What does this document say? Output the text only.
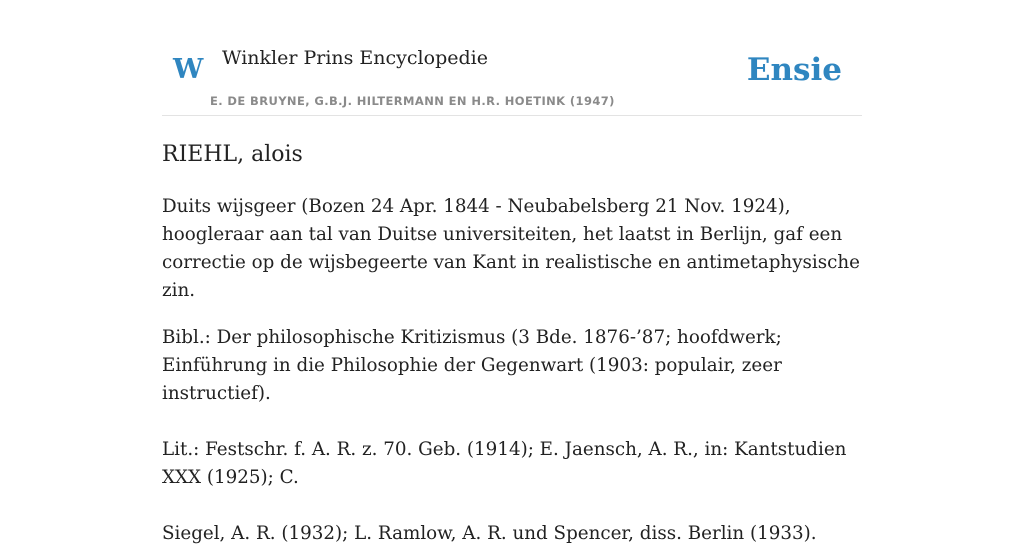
W Winkler Prins Encyclopedie
E. DE BRUYNE, G.B.J. HILTERMANN EN H.R. HOETINK (1947)
Ensie
RIEHL, alois

Duits wijsgeer (Bozen 24 Apr. 1844 - Neubabelsberg 21 Nov. 1924), hoogleraar aan tal van Duitse universiteiten, het laatst in Berlijn, gaf een correctie op de wijsbegeerte van Kant in realistische en antimetaphysische zin.

Bibl.: Der philosophische Kritizismus (3 Bde. 1876-’87; hoofdwerk; Einführung in die Philosophie der Gegenwart (1903: populair, zeer instructief).

Lit.: Festschr. f. A. R. z. 70. Geb. (1914); E. Jaensch, A. R., in: Kantstudien XXX (1925); C.

Siegel, A. R. (1932); L. Ramlow, A. R. und Spencer, diss. Berlin (1933).
